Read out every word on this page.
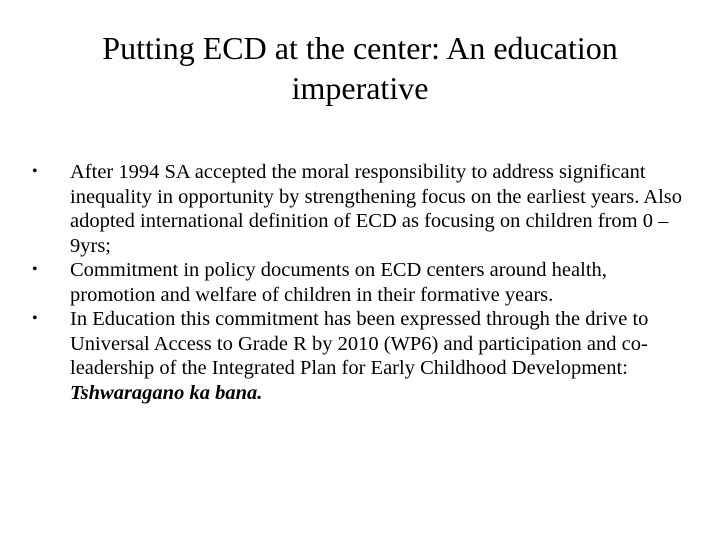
Putting ECD at the center: An education imperative
• After 1994 SA accepted the moral responsibility to address significant inequality in opportunity by strengthening focus on the earliest years. Also adopted international definition of ECD as focusing on children from 0 – 9yrs;
• Commitment in policy documents on ECD centers around health, promotion and welfare of children in their formative years.
• In Education this commitment has been expressed through the drive to Universal Access to Grade R by 2010 (WP6) and participation and co-leadership of the Integrated Plan for Early Childhood Development: Tshwaragano ka bana.
